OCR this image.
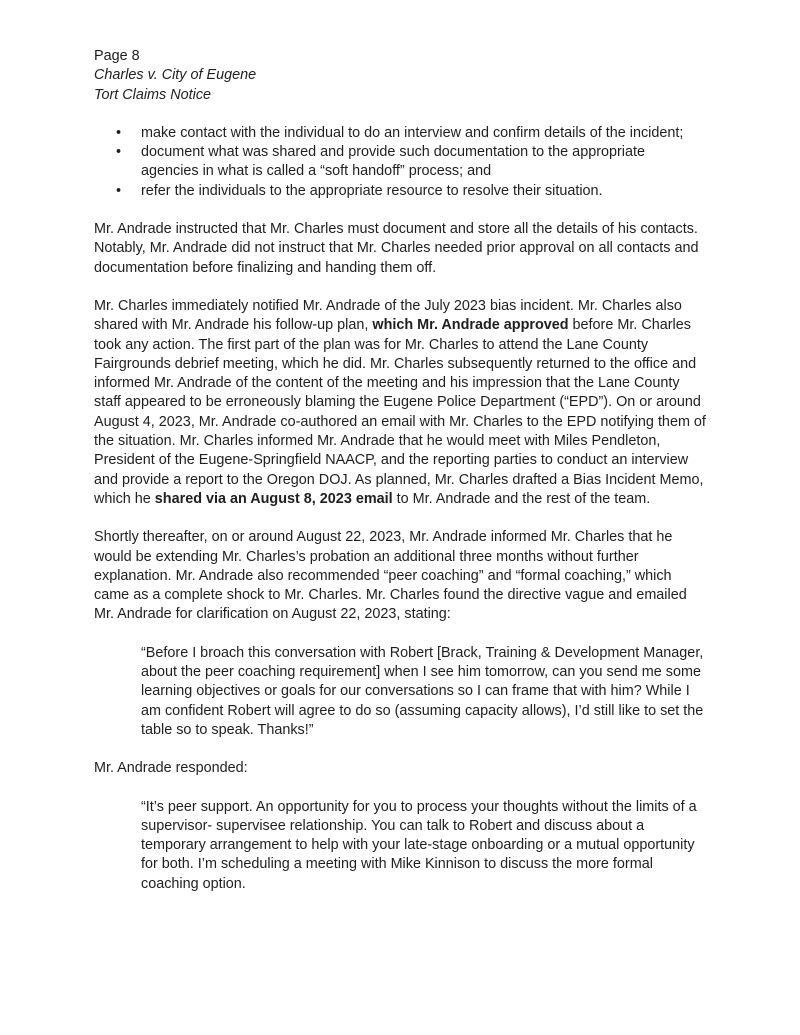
Page 8

Charles v. City of Eugene

Tort Claims Notice

• make contact with the individual to do an interview and confirm details of the incident;
• document what was shared and provide such documentation to the appropriate agencies in what is called a “soft handoff” process; and
• refer the individuals to the appropriate resource to resolve their situation.

Mr. Andrade instructed that Mr. Charles must document and store all the details of his contacts. Notably, Mr. Andrade did not instruct that Mr. Charles needed prior approval on all contacts and documentation before finalizing and handing them off.

Mr. Charles immediately notified Mr. Andrade of the July 2023 bias incident. Mr. Charles also shared with Mr. Andrade his follow-up plan, which Mr. Andrade approved before Mr. Charles took any action. The first part of the plan was for Mr. Charles to attend the Lane County Fairgrounds debrief meeting, which he did. Mr. Charles subsequently returned to the office and informed Mr. Andrade of the content of the meeting and his impression that the Lane County staff appeared to be erroneously blaming the Eugene Police Department (“EPD”). On or around August 4, 2023, Mr. Andrade co-authored an email with Mr. Charles to the EPD notifying them of the situation. Mr. Charles informed Mr. Andrade that he would meet with Miles Pendleton, President of the Eugene-Springfield NAACP, and the reporting parties to conduct an interview and provide a report to the Oregon DOJ. As planned, Mr. Charles drafted a Bias Incident Memo, which he shared via an August 8, 2023 email to Mr. Andrade and the rest of the team.

Shortly thereafter, on or around August 22, 2023, Mr. Andrade informed Mr. Charles that he would be extending Mr. Charles’s probation an additional three months without further explanation. Mr. Andrade also recommended “peer coaching” and “formal coaching,” which came as a complete shock to Mr. Charles. Mr. Charles found the directive vague and emailed Mr. Andrade for clarification on August 22, 2023, stating:

“Before I broach this conversation with Robert [Brack, Training & Development Manager, about the peer coaching requirement] when I see him tomorrow, can you send me some learning objectives or goals for our conversations so I can frame that with him? While I am confident Robert will agree to do so (assuming capacity allows), I’d still like to set the table so to speak. Thanks!”

Mr. Andrade responded:

“It’s peer support. An opportunity for you to process your thoughts without the limits of a supervisor- supervisee relationship. You can talk to Robert and discuss about a temporary arrangement to help with your late-stage onboarding or a mutual opportunity for both. I’m scheduling a meeting with Mike Kinnison to discuss the more formal coaching option.
